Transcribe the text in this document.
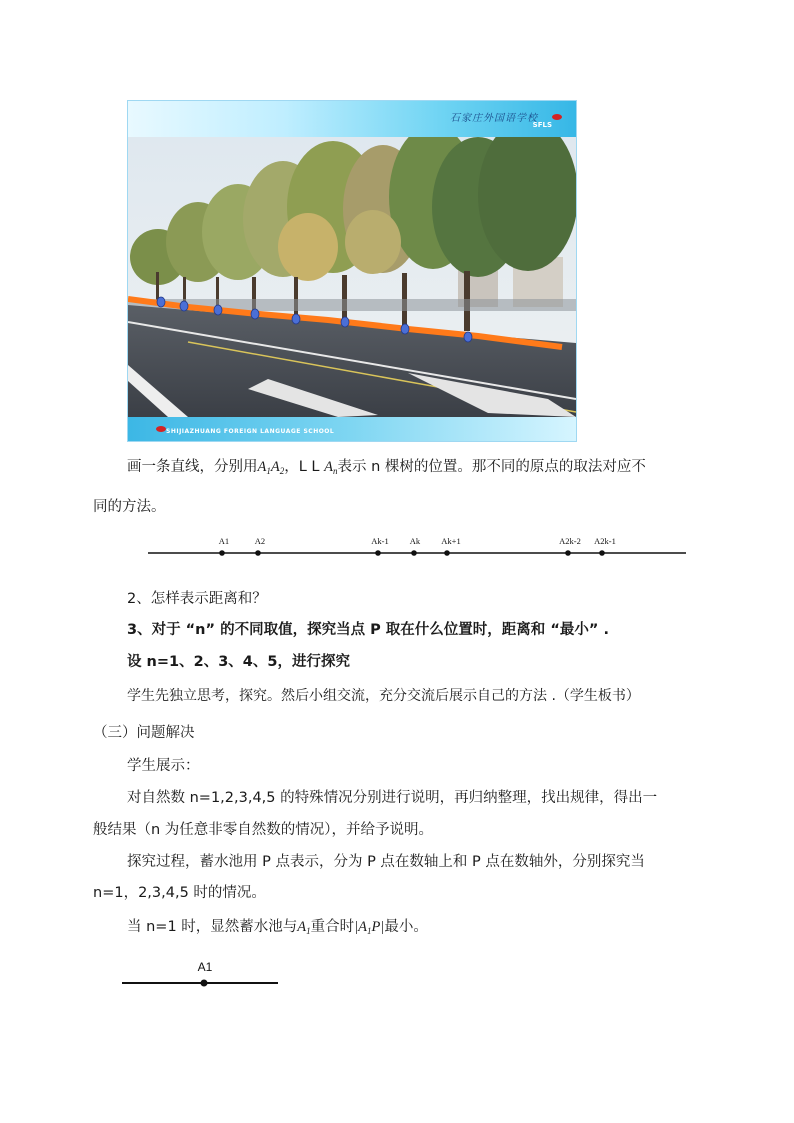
石家庄外国语学校
SFLS
SHIJIAZHUANG FOREIGN LANGUAGE SCHOOL
画一条直线，分别用$A_1A_2$，L L $A_n$表示 n 棵树的位置。那不同的原点的取法对应不
同的方法。
A1	A2	Ak-1 Ak Ak+1	A2k-2 A2k-1
2、怎样表示距离和？
3、对于 “n” 的不同取值，探究当点 P 取在什么位置时，距离和 “最小” .
设 n=1、2、3、4、5，进行探究
学生先独立思考，探究。然后小组交流，充分交流后展示自己的方法 .（学生板书）
（三）问题解决
学生展示：
对自然数 n=1,2,3,4,5 的特殊情况分别进行说明，再归纳整理，找出规律，得出一
般结果（n 为任意非零自然数的情况），并给予说明。
探究过程，蓄水池用 P 点表示，分为 P 点在数轴上和 P 点在数轴外，分别探究当
n=1，2,3,4,5 时的情况。
当 n=1 时，显然蓄水池与$A_1$重合时$|A_1P|$最小。
A1
